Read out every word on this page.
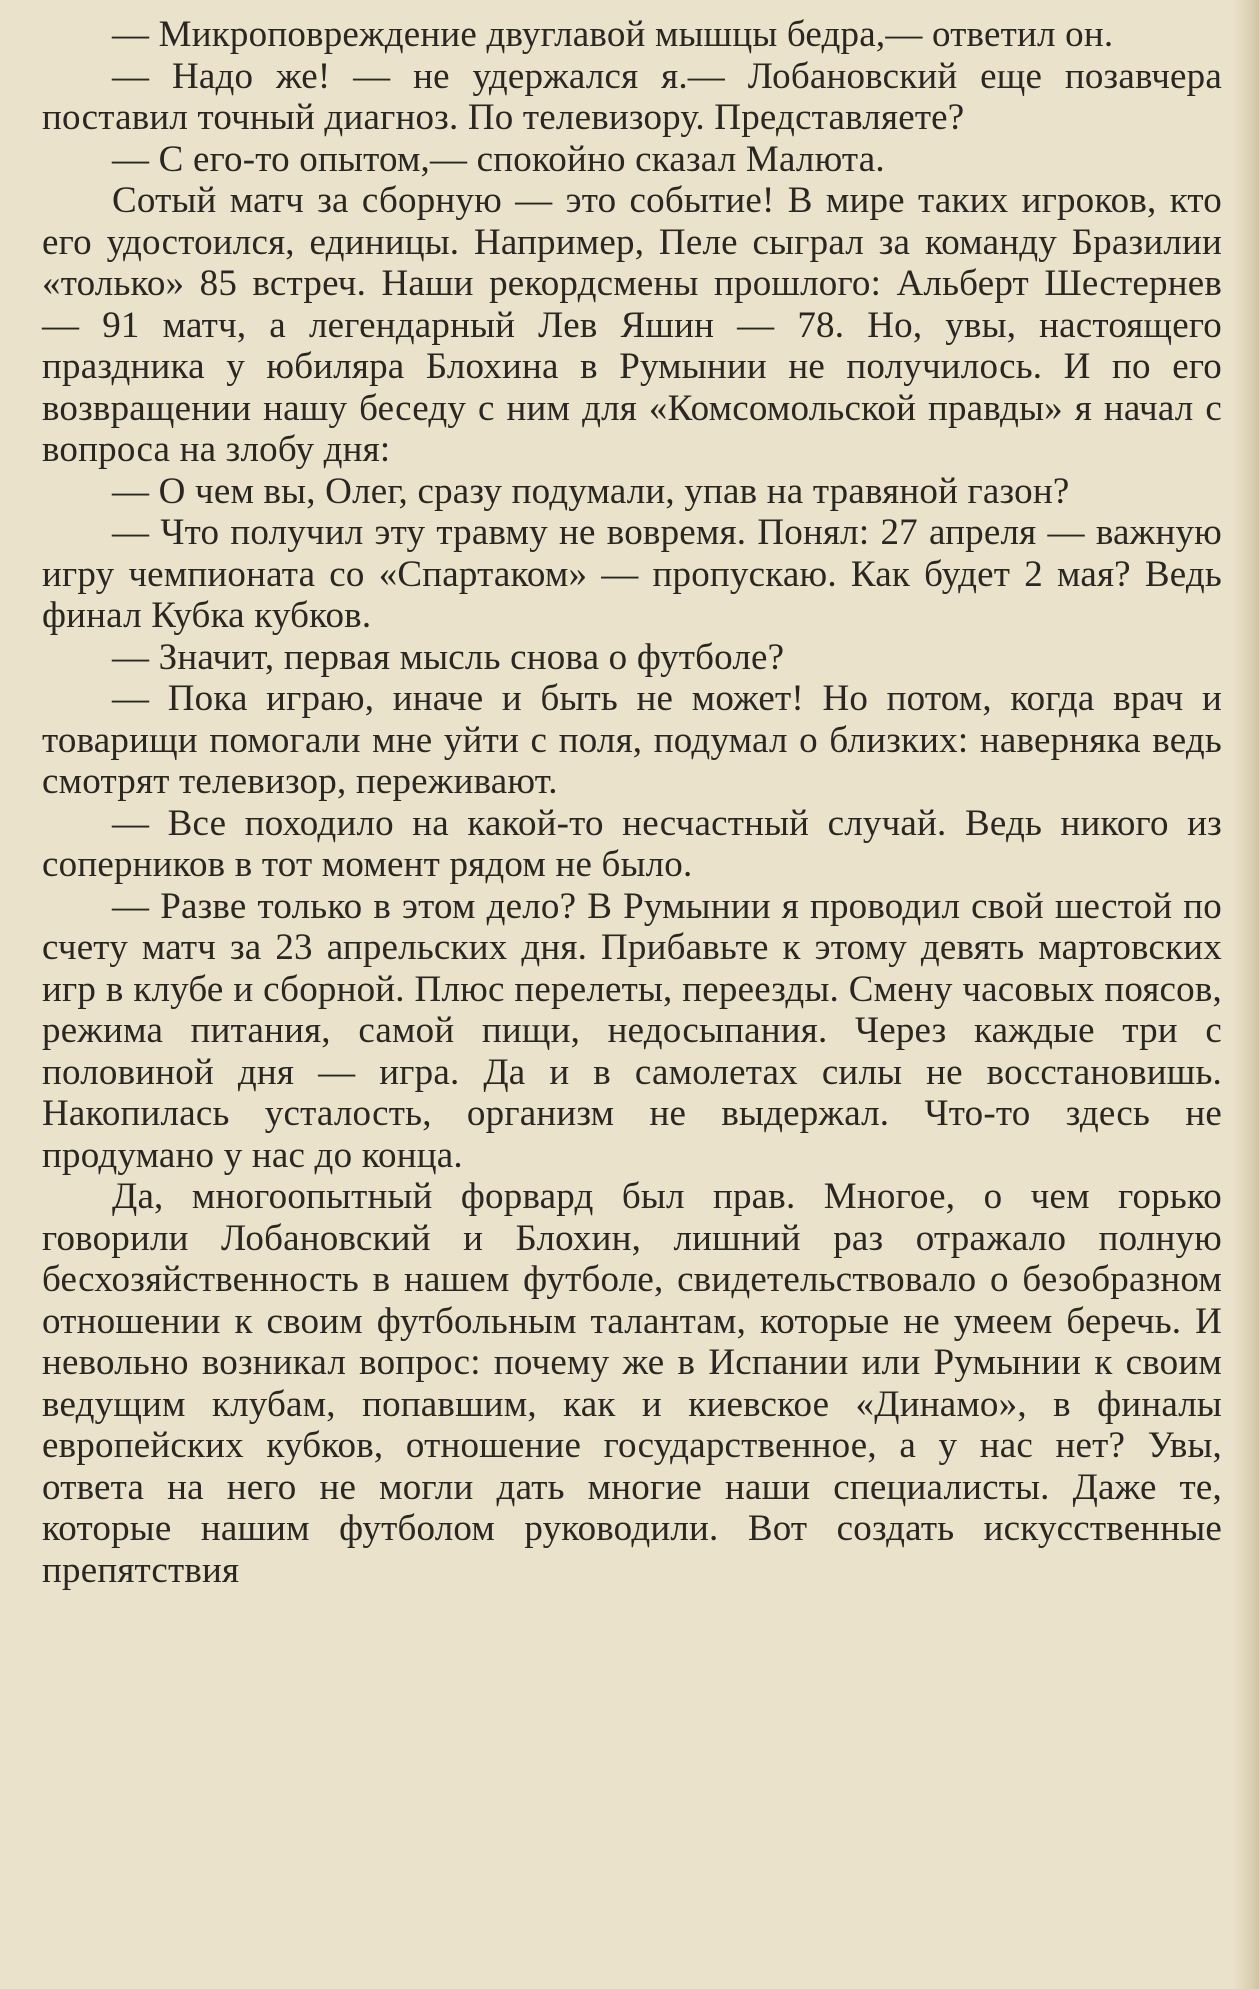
— Микроповреждение двуглавой мышцы бедра,— ответил он.

— Надо же! — не удержался я.— Лобановский еще позавчера поставил точный диагноз. По телевизору. Представляете?

— С его-то опытом,— спокойно сказал Малюта.

Сотый матч за сборную — это событие! В мире таких игроков, кто его удостоился, единицы. Например, Пеле сыграл за команду Бразилии «только» 85 встреч. Наши рекордсмены прошлого: Альберт Шестернев — 91 матч, а легендарный Лев Яшин — 78. Но, увы, настоящего праздника у юбиляра Блохина в Румынии не получилось. И по его возвращении нашу беседу с ним для «Комсомольской правды» я начал с вопроса на злобу дня:

— О чем вы, Олег, сразу подумали, упав на травяной газон?

— Что получил эту травму не вовремя. Понял: 27 апреля — важную игру чемпионата со «Спартаком» — пропускаю. Как будет 2 мая? Ведь финал Кубка кубков.

— Значит, первая мысль снова о футболе?

— Пока играю, иначе и быть не может! Но потом, когда врач и товарищи помогали мне уйти с поля, подумал о близких: наверняка ведь смотрят телевизор, переживают.

— Все походило на какой-то несчастный случай. Ведь никого из соперников в тот момент рядом не было.

— Разве только в этом дело? В Румынии я проводил свой шестой по счету матч за 23 апрельских дня. Прибавьте к этому девять мартовских игр в клубе и сборной. Плюс перелеты, переезды. Смену часовых поясов, режима питания, самой пищи, недосыпания. Через каждые три с половиной дня — игра. Да и в самолетах силы не восстановишь. Накопилась усталость, организм не выдержал. Что-то здесь не продумано у нас до конца.

Да, многоопытный форвард был прав. Многое, о чем горько говорили Лобановский и Блохин, лишний раз отражало полную бесхозяйственность в нашем футболе, свидетельствовало о безобразном отношении к своим футбольным талантам, которые не умеем беречь. И невольно возникал вопрос: почему же в Испании или Румынии к своим ведущим клубам, попавшим, как и киевское «Динамо», в финалы европейских кубков, отношение государственное, а у нас нет? Увы, ответа на него не могли дать многие наши специалисты. Даже те, которые нашим футболом руководили. Вот создать искусственные препятствия
